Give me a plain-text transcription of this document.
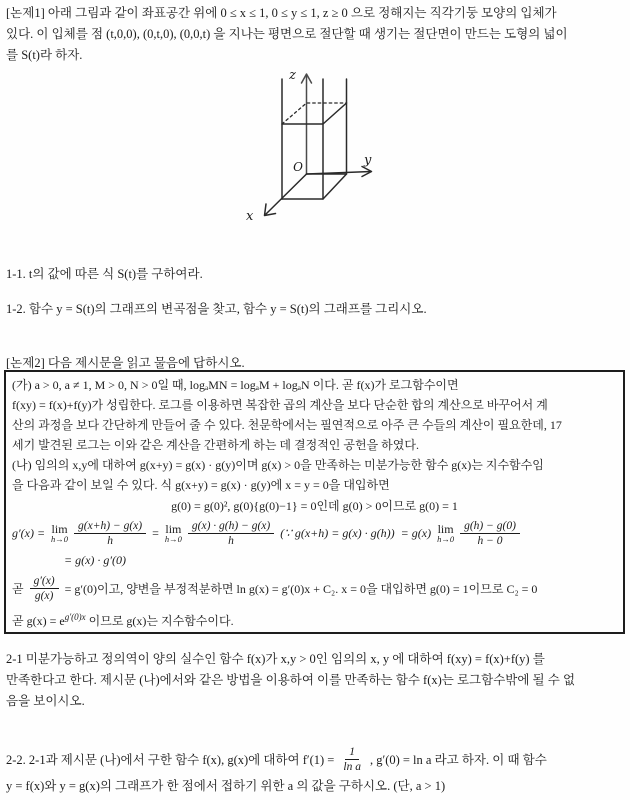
[논제1] 아래 그림과 같이 좌표공간 위에 0 ≤ x ≤ 1, 0 ≤ y ≤ 1, z ≥ 0 으로 정해지는 직각기둥 모양의 입체가
있다. 이 입체를 점 (t,0,0), (0,t,0), (0,0,t) 을 지나는 평면으로 절단할 때 생기는 절단면이 만드는 도형의 넓이
를 S(t)라 하자.
z
y
x
O
1-1. t의 값에 따른 식 S(t)를 구하여라.
1-2. 함수 y = S(t)의 그래프의 변곡점을 찾고, 함수 y = S(t)의 그래프를 그리시오.
[논제2] 다음 제시문을 읽고 물음에 답하시오.
(가) a > 0, a ≠ 1, M > 0, N > 0일 때, logₐMN = logₐM + logₐN 이다. 곧 f(x)가 로그함수이면
f(xy) = f(x)+f(y)가 성립한다. 로그를 이용하면 복잡한 곱의 계산을 보다 단순한 합의 계산으로 바꾸어서 계
산의 과정을 보다 간단하게 만들어 줄 수 있다. 천문학에서는 필연적으로 아주 큰 수들의 계산이 필요한데, 17
세기 발견된 로그는 이와 같은 계산을 간편하게 하는 데 결정적인 공헌을 하였다.
(나) 임의의 x,y에 대하여 g(x+y) = g(x) · g(y)이며 g(x) > 0을 만족하는 미분가능한 함수 g(x)는 지수함수임
을 다음과 같이 보일 수 있다. 식 g(x+y) = g(x) · g(y)에 x = y = 0을 대입하면
g(0) = g(0)², g(0){g(0)−1} = 0인데 g(0) > 0이므로 g(0) = 1
g′(x) = lim
$h\to 0 \frac{g(x+h) - g(x)}{h} = \lim$
$h\to 0 \frac{g(x) \cdot g(h) - g(x)}{h}$ (∵ g(x+h) = g(x) · g(h)) = g(x) lim
$h\to 0 \frac{g(h) - g(0)}{h - 0}$
= g(x) · g′(0)
곧 $\frac{g'(x)}{g(x)} = g'(0)$이고, 양변을 부정적분하면 ln g(x) = g′(0)x + C₂. x = 0을 대입하면 g(0) = 1이므로 C₂ = 0
곧 $g(x) = e^{g'(0)x}$ 이므로 g(x)는 지수함수이다.
2-1 미분가능하고 정의역이 양의 실수인 함수 f(x)가 x,y > 0인 임의의 x, y 에 대하여 f(xy) = f(x)+f(y) 를
만족한다고 한다. 제시문 (나)에서와 같은 방법을 이용하여 이를 만족하는 함수 f(x)는 로그함수밖에 될 수 없
음을 보이시오.
2-2. 2-1과 제시문 (나)에서 구한 함수 f(x), g(x)에 대하여 $f'(1) = \frac{1}{\text{ln a}}$ , g′(0) = ln a 라고 하자. 이 때 함수
y = f(x)와 y = g(x)의 그래프가 한 점에서 접하기 위한 a 의 값을 구하시오. (단, a > 1)
